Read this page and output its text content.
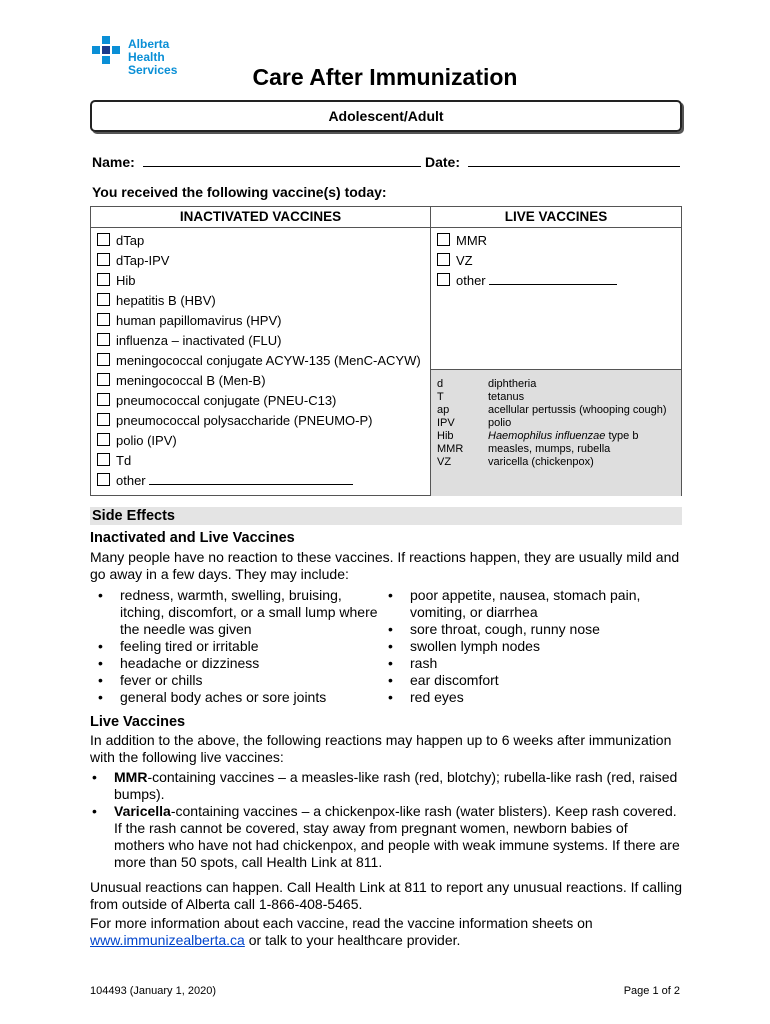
Alberta Health
Services	Care After Immunization
Adolescent/Adult
Name:	Date:
You received the following vaccine(s) today:
INACTIVATED VACCINES	LIVE VACCINES
dTap
dTap-IPV
Hib
hepatitis B (HBV)
human papillomavirus (HPV)
influenza – inactivated (FLU)
meningococcal conjugate ACYW-135 (MenC-ACYW)
meningococcal B (Men-B)
pneumococcal conjugate (PNEU-C13)
pneumococcal polysaccharide (PNEUMO-P)
polio (IPV)
Td
other
MMR
VZ
other
d	diphtheria
T	tetanus
ap	acellular pertussis (whooping cough)
IPV	polio
Hib	Haemophilus influenzae type b
MMR	measles, mumps, rubella
VZ	varicella (chickenpox)
Side Effects
Inactivated and Live Vaccines
Many people have no reaction to these vaccines. If reactions happen, they are usually mild and go away in a few days. They may include:
• redness, warmth, swelling, bruising, itching, discomfort, or a small lump where the needle was given
• feeling tired or irritable
• headache or dizziness
• fever or chills
• general body aches or sore joints
• poor appetite, nausea, stomach pain, vomiting, or diarrhea
• sore throat, cough, runny nose
• swollen lymph nodes
• rash
• ear discomfort
• red eyes
Live Vaccines
In addition to the above, the following reactions may happen up to 6 weeks after immunization with the following live vaccines:
• MMR-containing vaccines – a measles-like rash (red, blotchy); rubella-like rash (red, raised bumps).
• Varicella-containing vaccines – a chickenpox-like rash (water blisters). Keep rash covered. If the rash cannot be covered, stay away from pregnant women, newborn babies of mothers who have not had chickenpox, and people with weak immune systems. If there are more than 50 spots, call Health Link at 811.
Unusual reactions can happen. Call Health Link at 811 to report any unusual reactions. If calling from outside of Alberta call 1-866-408-5465.
For more information about each vaccine, read the vaccine information sheets on
www.immunizealberta.ca or talk to your healthcare provider.
104493 (January 1, 2020)	Page 1 of 2
